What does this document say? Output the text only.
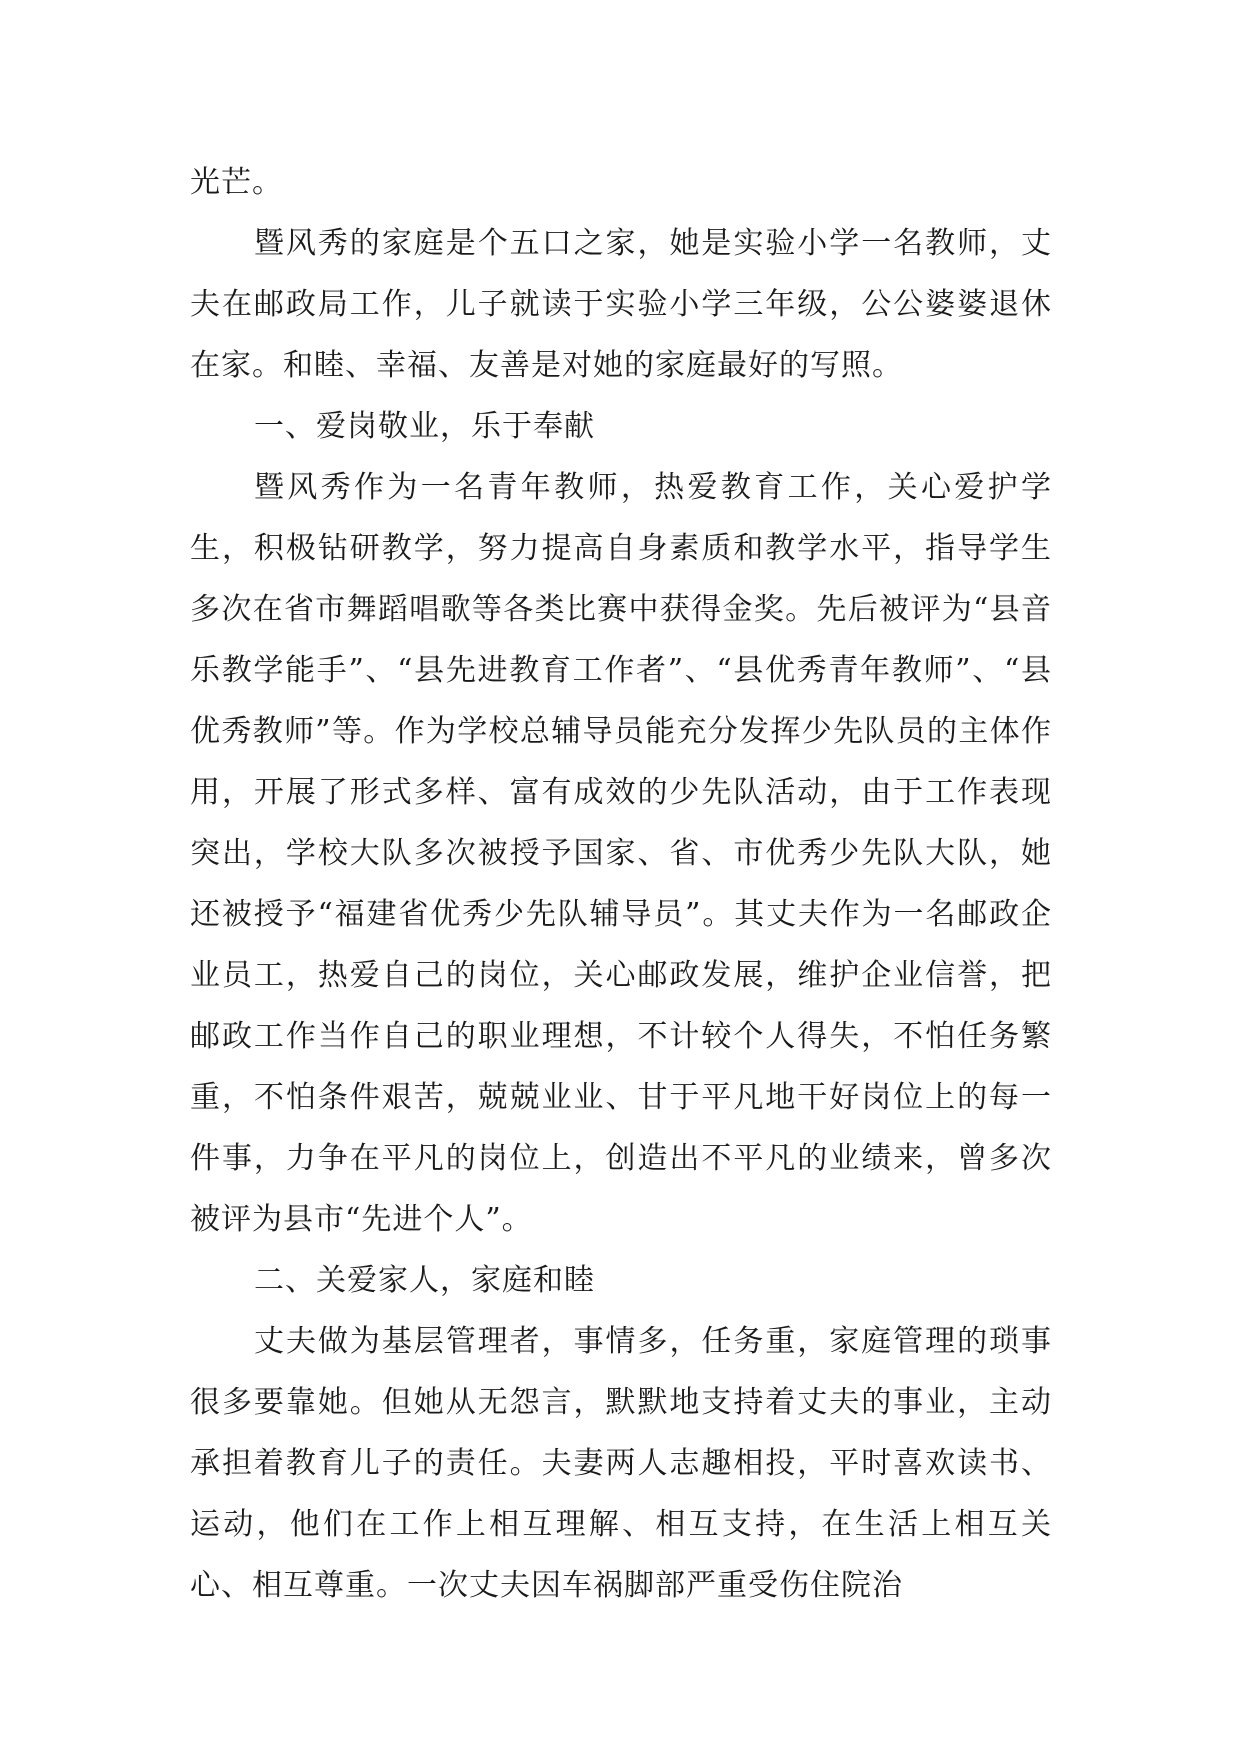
光芒。

暨风秀的家庭是个五口之家，她是实验小学一名教师，丈夫在邮政局工作，儿子就读于实验小学三年级，公公婆婆退休在家。和睦、幸福、友善是对她的家庭最好的写照。

一、爱岗敬业，乐于奉献

暨风秀作为一名青年教师，热爱教育工作，关心爱护学生，积极钻研教学，努力提高自身素质和教学水平，指导学生多次在省市舞蹈唱歌等各类比赛中获得金奖。先后被评为“县音乐教学能手”、“县先进教育工作者”、“县优秀青年教师”、“县优秀教师”等。作为学校总辅导员能充分发挥少先队员的主体作用，开展了形式多样、富有成效的少先队活动，由于工作表现突出，学校大队多次被授予国家、省、市优秀少先队大队，她还被授予“福建省优秀少先队辅导员”。其丈夫作为一名邮政企业员工，热爱自己的岗位，关心邮政发展，维护企业信誉，把邮政工作当作自己的职业理想，不计较个人得失，不怕任务繁重，不怕条件艰苦，兢兢业业、甘于平凡地干好岗位上的每一件事，力争在平凡的岗位上，创造出不平凡的业绩来，曾多次被评为县市“先进个人”。

二、关爱家人，家庭和睦

丈夫做为基层管理者，事情多，任务重，家庭管理的琐事很多要靠她。但她从无怨言，默默地支持着丈夫的事业，主动承担着教育儿子的责任。夫妻两人志趣相投，平时喜欢读书、运动，他们在工作上相互理解、相互支持，在生活上相互关心、相互尊重。一次丈夫因车祸脚部严重受伤住院治
